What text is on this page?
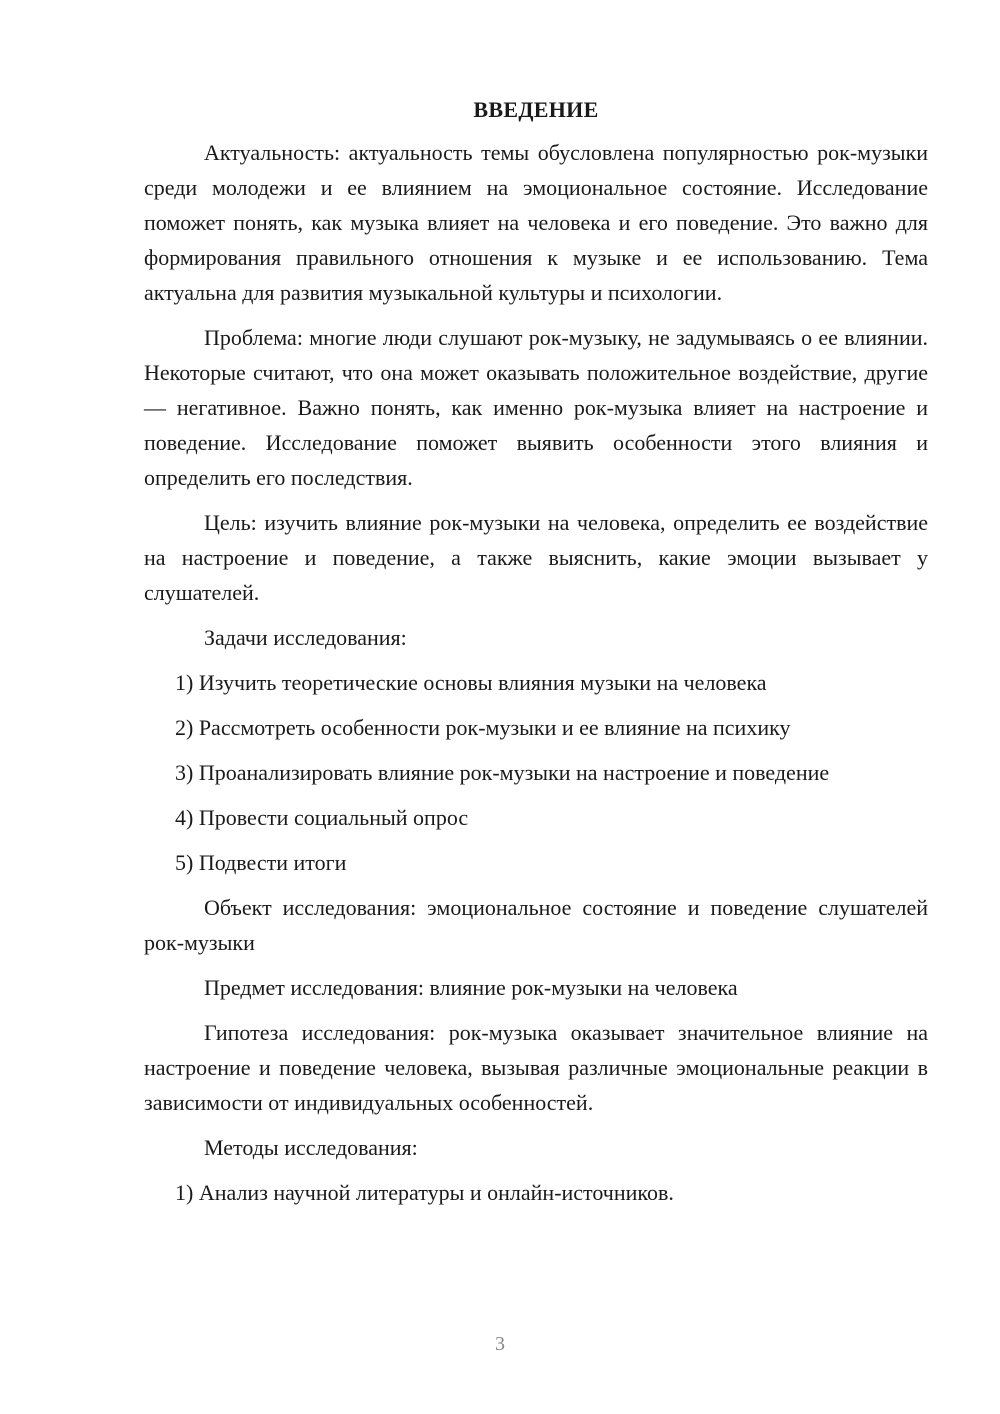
ВВЕДЕНИЕ

Актуальность: актуальность темы обусловлена популярностью рок-музыки среди молодежи и ее влиянием на эмоциональное состояние. Исследование поможет понять, как музыка влияет на человека и его поведение. Это важно для формирования правильного отношения к музыке и ее использованию. Тема актуальна для развития музыкальной культуры и психологии.

Проблема: многие люди слушают рок-музыку, не задумываясь о ее влиянии. Некоторые считают, что она может оказывать положительное воздействие, другие — негативное. Важно понять, как именно рок-музыка влияет на настроение и поведение. Исследование поможет выявить особенности этого влияния и определить его последствия.

Цель: изучить влияние рок-музыки на человека, определить ее воздействие на настроение и поведение, а также выяснить, какие эмоции вызывает у слушателей.

Задачи исследования:

1) Изучить теоретические основы влияния музыки на человека

2) Рассмотреть особенности рок-музыки и ее влияние на психику

3) Проанализировать влияние рок-музыки на настроение и поведение

4) Провести социальный опрос

5) Подвести итоги

Объект исследования: эмоциональное состояние и поведение слушателей рок-музыки

Предмет исследования: влияние рок-музыки на человека

Гипотеза исследования: рок-музыка оказывает значительное влияние на настроение и поведение человека, вызывая различные эмоциональные реакции в зависимости от индивидуальных особенностей.

Методы исследования:

1) Анализ научной литературы и онлайн-источников.

3
